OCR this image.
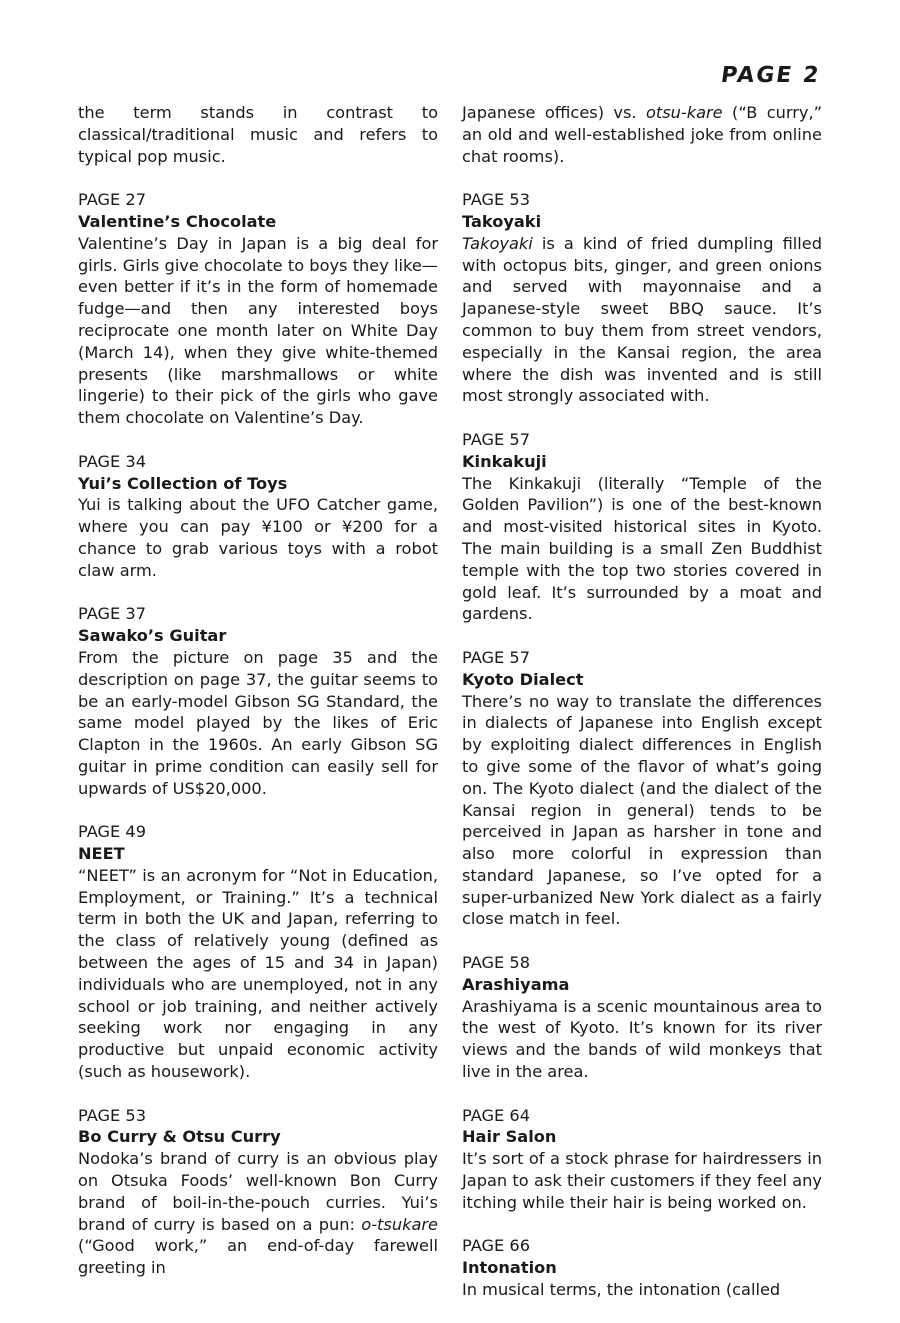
PAGE 2

the term stands in contrast to classical/traditional music and refers to typical pop music.

PAGE 27

Valentine’s Chocolate

Valentine’s Day in Japan is a big deal for girls. Girls give chocolate to boys they like—even better if it’s in the form of homemade fudge—and then any interested boys reciprocate one month later on White Day (March 14), when they give white-themed presents (like marshmallows or white lingerie) to their pick of the girls who gave them chocolate on Valentine’s Day.

PAGE 34

Yui’s Collection of Toys

Yui is talking about the UFO Catcher game, where you can pay ¥100 or ¥200 for a chance to grab various toys with a robot claw arm.

PAGE 37

Sawako’s Guitar

From the picture on page 35 and the description on page 37, the guitar seems to be an early-model Gibson SG Standard, the same model played by the likes of Eric Clapton in the 1960s. An early Gibson SG guitar in prime condition can easily sell for upwards of US$20,000.

PAGE 49

NEET

“NEET” is an acronym for “Not in Education, Employment, or Training.” It’s a technical term in both the UK and Japan, referring to the class of relatively young (defined as between the ages of 15 and 34 in Japan) individuals who are unemployed, not in any school or job training, and neither actively seeking work nor engaging in any productive but unpaid economic activity (such as housework).

PAGE 53

Bo Curry & Otsu Curry

Nodoka’s brand of curry is an obvious play on Otsuka Foods’ well-known Bon Curry brand of boil-in-the-pouch curries. Yui’s brand of curry is based on a pun: o-tsukare (“Good work,” an end-of-day farewell greeting in

Japanese offices) vs. otsu-kare (“B curry,” an old and well-established joke from online chat rooms).

PAGE 53

Takoyaki

Takoyaki is a kind of fried dumpling filled with octopus bits, ginger, and green onions and served with mayonnaise and a Japanese-style sweet BBQ sauce. It’s common to buy them from street vendors, especially in the Kansai region, the area where the dish was invented and is still most strongly associated with.

PAGE 57

Kinkakuji

The Kinkakuji (literally “Temple of the Golden Pavilion”) is one of the best-known and most-visited historical sites in Kyoto. The main building is a small Zen Buddhist temple with the top two stories covered in gold leaf. It’s surrounded by a moat and gardens.

PAGE 57

Kyoto Dialect

There’s no way to translate the differences in dialects of Japanese into English except by exploiting dialect differences in English to give some of the flavor of what’s going on. The Kyoto dialect (and the dialect of the Kansai region in general) tends to be perceived in Japan as harsher in tone and also more colorful in expression than standard Japanese, so I’ve opted for a super-urbanized New York dialect as a fairly close match in feel.

PAGE 58

Arashiyama

Arashiyama is a scenic mountainous area to the west of Kyoto. It’s known for its river views and the bands of wild monkeys that live in the area.

PAGE 64

Hair Salon

It’s sort of a stock phrase for hairdressers in Japan to ask their customers if they feel any itching while their hair is being worked on.

PAGE 66

Intonation

In musical terms, the intonation (called
